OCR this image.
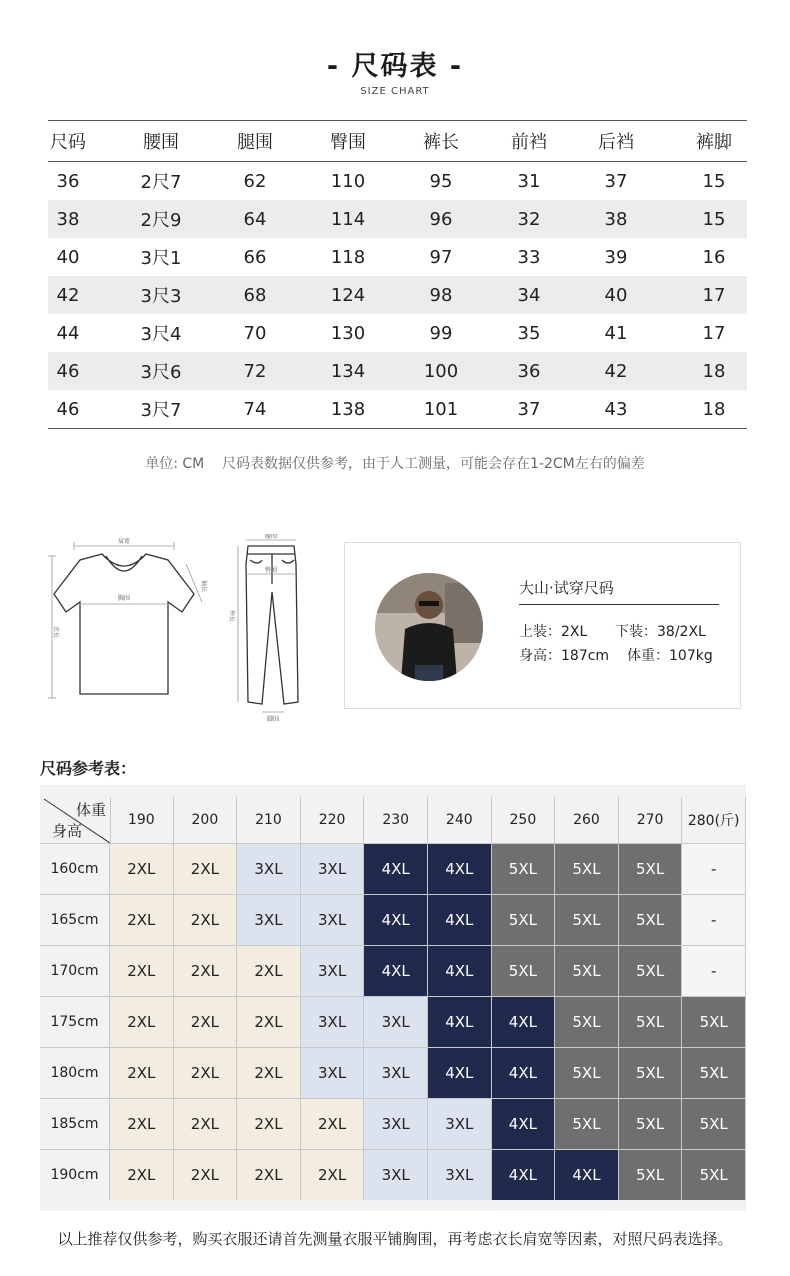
- 尺码表 -
SIZE CHART
尺码	腰围	腿围	臀围	裤长	前裆	后裆	裤脚
36	2尺7	62	110	95	31	37	15
38	2尺9	64	114	96	32	38	15
40	3尺1	66	118	97	33	39	16
42	3尺3	68	124	98	34	40	17
44	3尺4	70	130	99	35	41	17
46	3尺6	72	134	100	36	42	18
46	3尺7	74	138	101	37	43	18
单位: CM    尺码表数据仅供参考，由于人工测量，可能会存在1-2CM左右的偏差
肩宽
胸围
袖长
衣长
腰围
臀围
外长
脚围
大山·试穿尺码
上装：2XL 下装：38/2XL
身高：187cm 体重：107kg
尺码参考表：
体重
身高
190	200	210	220	230	240	250	260	270	280(斤)
160cm	2XL	2XL	3XL	3XL	4XL	4XL	5XL	5XL	5XL	-
165cm	2XL	2XL	3XL	3XL	4XL	4XL	5XL	5XL	5XL	-
170cm	2XL	2XL	2XL	3XL	4XL	4XL	5XL	5XL	5XL	-
175cm	2XL	2XL	2XL	3XL	3XL	4XL	4XL	5XL	5XL	5XL
180cm	2XL	2XL	2XL	3XL	3XL	4XL	4XL	5XL	5XL	5XL
185cm	2XL	2XL	2XL	2XL	3XL	3XL	4XL	5XL	5XL	5XL
190cm	2XL	2XL	2XL	2XL	3XL	3XL	4XL	4XL	5XL	5XL
以上推荐仅供参考，购买衣服还请首先测量衣服平铺胸围，再考虑衣长肩宽等因素，对照尺码表选择。
